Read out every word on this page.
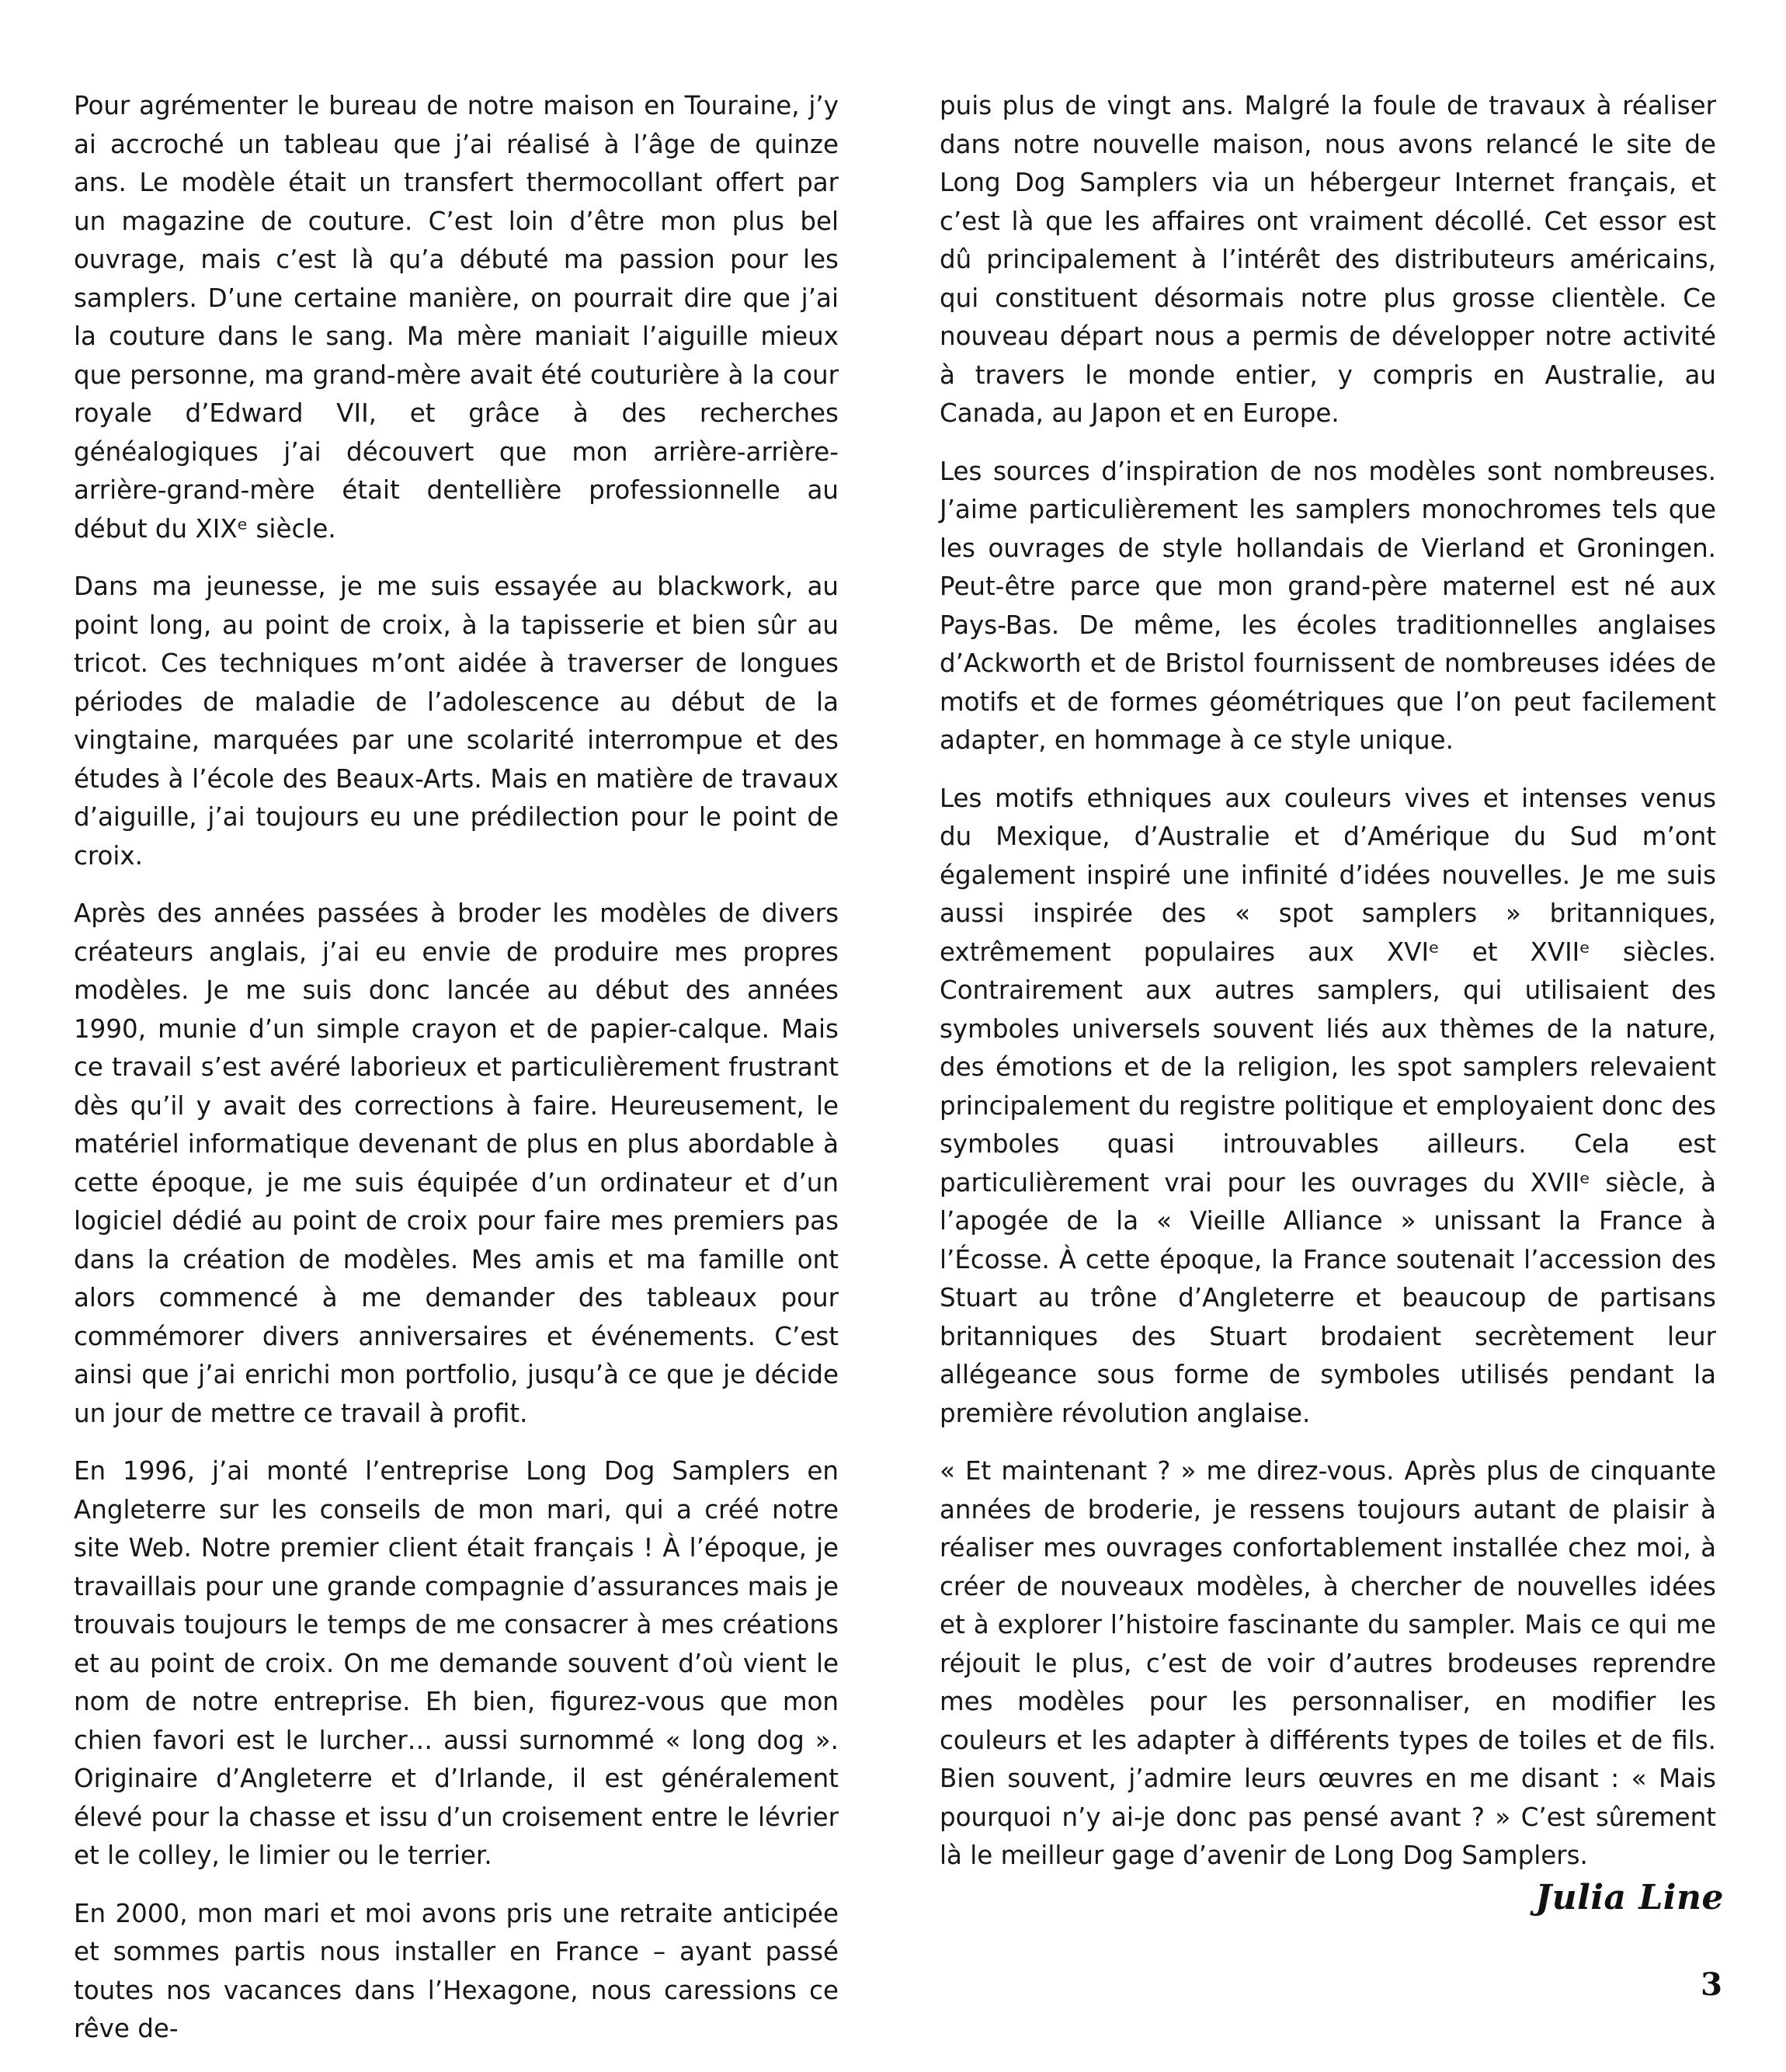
Pour agrémenter le bureau de notre maison en Touraine, j’y ai accroché un tableau que j’ai réalisé à l’âge de quinze ans. Le modèle était un transfert thermocollant offert par un magazine de couture. C’est loin d’être mon plus bel ouvrage, mais c’est là qu’a débuté ma passion pour les samplers. D’une certaine manière, on pourrait dire que j’ai la couture dans le sang. Ma mère maniait l’aiguille mieux que personne, ma grand-mère avait été couturière à la cour royale d’Edward VII, et grâce à des recherches généalogiques j’ai découvert que mon arrière-arrière-arrière-grand-mère était dentellière professionnelle au début du XIXᵉ siècle.

Dans ma jeunesse, je me suis essayée au blackwork, au point long, au point de croix, à la tapisserie et bien sûr au tricot. Ces techniques m’ont aidée à traverser de longues périodes de maladie de l’adolescence au début de la vingtaine, marquées par une scolarité interrompue et des études à l’école des Beaux-Arts. Mais en matière de travaux d’aiguille, j’ai toujours eu une prédilection pour le point de croix.

Après des années passées à broder les modèles de divers créateurs anglais, j’ai eu envie de produire mes propres modèles. Je me suis donc lancée au début des années 1990, munie d’un simple crayon et de papier-calque. Mais ce travail s’est avéré laborieux et particulièrement frustrant dès qu’il y avait des corrections à faire. Heureusement, le matériel informatique devenant de plus en plus abordable à cette époque, je me suis équipée d’un ordinateur et d’un logiciel dédié au point de croix pour faire mes premiers pas dans la création de modèles. Mes amis et ma famille ont alors commencé à me demander des tableaux pour commémorer divers anniversaires et événements. C’est ainsi que j’ai enrichi mon portfolio, jusqu’à ce que je décide un jour de mettre ce travail à profit.

En 1996, j’ai monté l’entreprise Long Dog Samplers en Angleterre sur les conseils de mon mari, qui a créé notre site Web. Notre premier client était français ! À l’époque, je travaillais pour une grande compagnie d’assurances mais je trouvais toujours le temps de me consacrer à mes créations et au point de croix. On me demande souvent d’où vient le nom de notre entreprise. Eh bien, figurez-vous que mon chien favori est le lurcher… aussi surnommé « long dog ». Originaire d’Angleterre et d’Irlande, il est généralement élevé pour la chasse et issu d’un croisement entre le lévrier et le colley, le limier ou le terrier.

En 2000, mon mari et moi avons pris une retraite anticipée et sommes partis nous installer en France – ayant passé toutes nos vacances dans l’Hexagone, nous caressions ce rêve de-

puis plus de vingt ans. Malgré la foule de travaux à réaliser dans notre nouvelle maison, nous avons relancé le site de Long Dog Samplers via un hébergeur Internet français, et c’est là que les affaires ont vraiment décollé. Cet essor est dû principalement à l’intérêt des distributeurs américains, qui constituent désormais notre plus grosse clientèle. Ce nouveau départ nous a permis de développer notre activité à travers le monde entier, y compris en Australie, au Canada, au Japon et en Europe.

Les sources d’inspiration de nos modèles sont nombreuses. J’aime particulièrement les samplers monochromes tels que les ouvrages de style hollandais de Vierland et Groningen. Peut-être parce que mon grand-père maternel est né aux Pays-Bas. De même, les écoles traditionnelles anglaises d’Ackworth et de Bristol fournissent de nombreuses idées de motifs et de formes géométriques que l’on peut facilement adapter, en hommage à ce style unique.

Les motifs ethniques aux couleurs vives et intenses venus du Mexique, d’Australie et d’Amérique du Sud m’ont également inspiré une infinité d’idées nouvelles. Je me suis aussi inspirée des « spot samplers » britanniques, extrêmement populaires aux XVIᵉ et XVIIᵉ siècles. Contrairement aux autres samplers, qui utilisaient des symboles universels souvent liés aux thèmes de la nature, des émotions et de la religion, les spot samplers relevaient principalement du registre politique et employaient donc des symboles quasi introuvables ailleurs. Cela est particulièrement vrai pour les ouvrages du XVIIᵉ siècle, à l’apogée de la « Vieille Alliance » unissant la France à l’Écosse. À cette époque, la France soutenait l’accession des Stuart au trône d’Angleterre et beaucoup de partisans britanniques des Stuart brodaient secrètement leur allégeance sous forme de symboles utilisés pendant la première révolution anglaise.

« Et maintenant ? » me direz-vous. Après plus de cinquante années de broderie, je ressens toujours autant de plaisir à réaliser mes ouvrages confortablement installée chez moi, à créer de nouveaux modèles, à chercher de nouvelles idées et à explorer l’histoire fascinante du sampler. Mais ce qui me réjouit le plus, c’est de voir d’autres brodeuses reprendre mes modèles pour les personnaliser, en modifier les couleurs et les adapter à différents types de toiles et de fils. Bien souvent, j’admire leurs œuvres en me disant : « Mais pourquoi n’y ai-je donc pas pensé avant ? » C’est sûrement là le meilleur gage d’avenir de Long Dog Samplers.

Julia Line
3
